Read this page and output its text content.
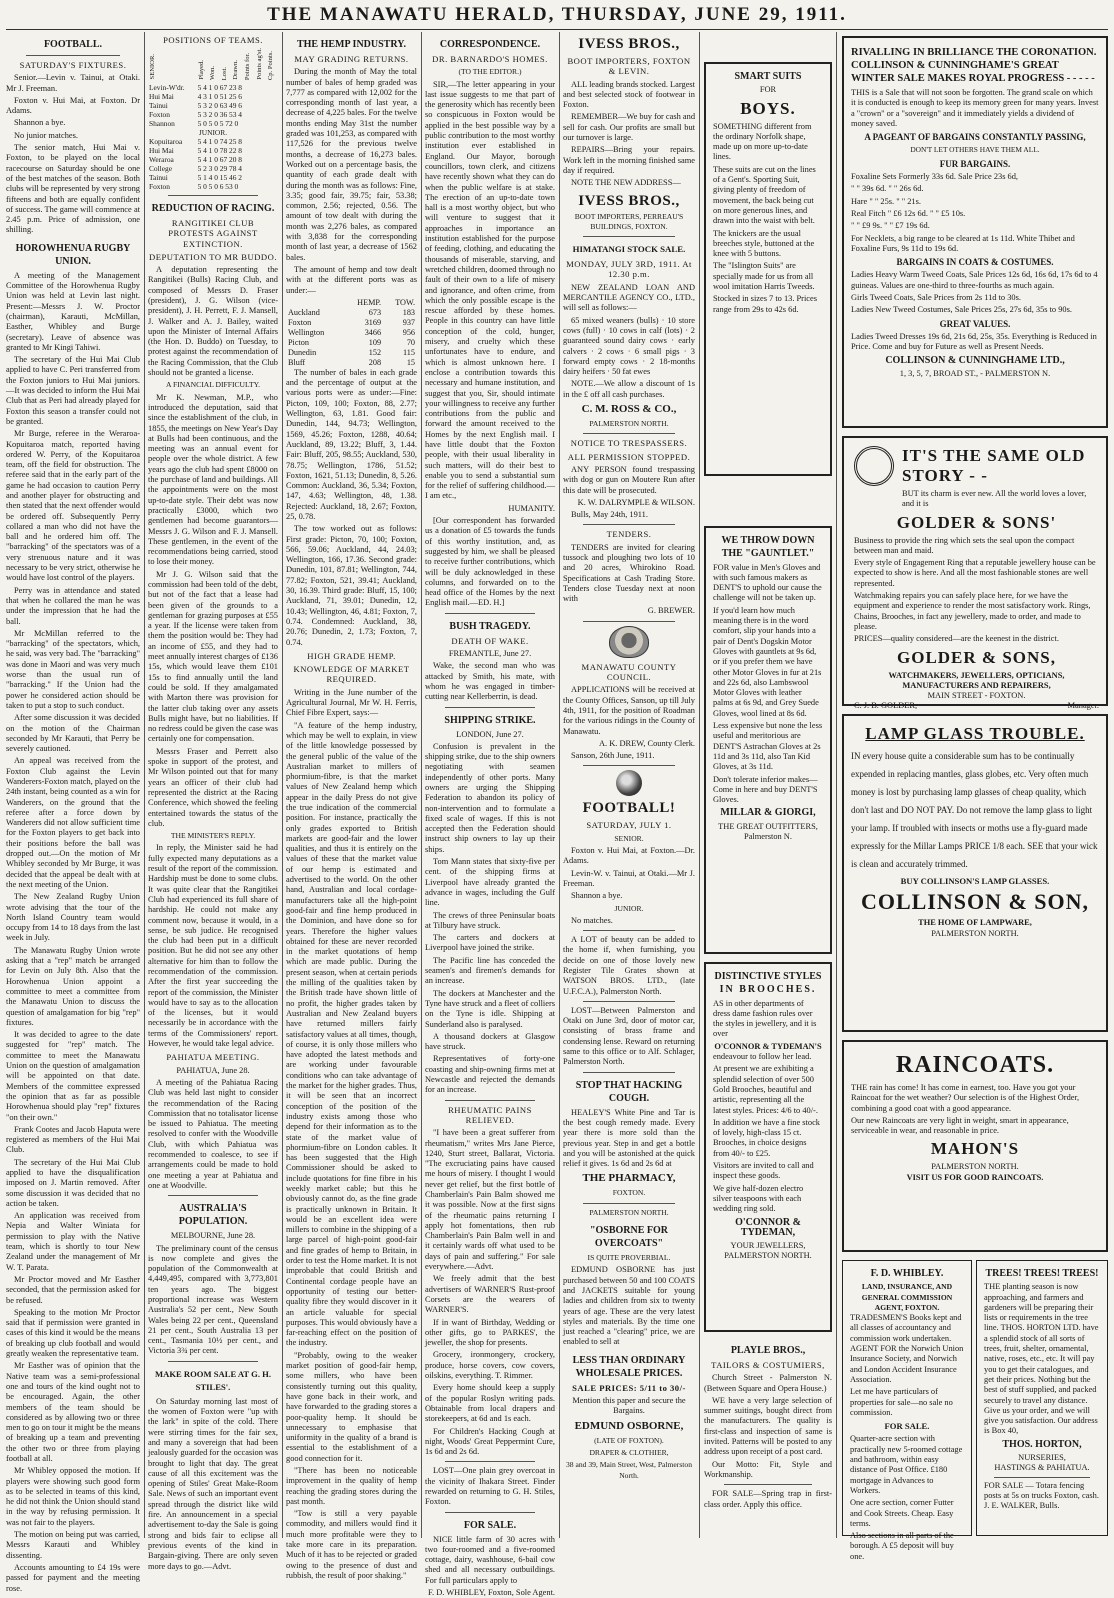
THE MANAWATU HERALD, THURSDAY, JUNE 29, 1911.
FOOTBALL.
SATURDAY'S FIXTURES.

Senior.—Levin v. Tainui, at Otaki. Mr J. Freeman.

Foxton v. Hui Mai, at Foxton. Dr Adams.

Shannon a bye.

No junior matches.

The senior match, Hui Mai v. Foxton, to be played on the local racecourse on Saturday should be one of the best matches of the season. Both clubs will be represented by very strong fifteens and both are equally confident of success. The game will commence at 2.45 p.m. Price of admission, one shilling.

HOROWHENUA RUGBY UNION.

A meeting of the Management Committee of the Horowhenua Rugby Union was held at Levin last night. Present:—Messrs J. W. Proctor (chairman), Karauti, McMillan, Easther, Whibley and Burge (secretary). Leave of absence was granted to Mr Kingi Tahiwi.

The secretary of the Hui Mai Club applied to have C. Peri transferred from the Foxton juniors to Hui Mai juniors.—It was decided to inform the Hui Mai Club that as Peri had already played for Foxton this season a transfer could not be granted.

Mr Burge, referee in the Weraroa-Kopuitaroa match, reported having ordered W. Perry, of the Kopuitaroa team, off the field for obstruction. The referee said that in the early part of the game he had occasion to caution Perry and another player for obstructing and then stated that the next offender would be ordered off. Subsequently Perry collared a man who did not have the ball and he ordered him off. The "barracking" of the spectators was of a very strenuous nature and it was necessary to be very strict, otherwise he would have lost control of the players.

Perry was in attendance and stated that when he collared the man he was under the impression that he had the ball.

Mr McMillan referred to the "barracking" of the spectators, which, he said, was very bad. The "barracking" was done in Maori and was very much worse than the usual run of "barracking." If the Union had the power he considered action should be taken to put a stop to such conduct.

After some discussion it was decided on the motion of the Chairman seconded by Mr Karauti, that Perry be severely cautioned.

An appeal was received from the Foxton Club against the Levin Wanderers-Foxton match, played on the 24th instant, being counted as a win for Wanderers, on the ground that the referee after a force down by Wanderers did not allow sufficient time for the Foxton players to get back into their positions before the ball was dropped out.—On the motion of Mr Whibley seconded by Mr Burge, it was decided that the appeal be dealt with at the next meeting of the Union.

The New Zealand Rugby Union wrote advising that the tour of the North Island Country team would occupy from 14 to 18 days from the last week in July.

The Manawatu Rugby Union wrote asking that a "rep" match be arranged for Levin on July 8th. Also that the Horowhenua Union appoint a committee to meet a committee from the Manawatu Union to discuss the question of amalgamation for big "rep" fixtures.

It was decided to agree to the date suggested for "rep" match. The committee to meet the Manawatu Union on the question of amalgamation will be appointed on that date. Members of the committee expressed the opinion that as far as possible Horowhenua should play "rep" fixtures "on their own."

Frank Cootes and Jacob Haputa were registered as members of the Hui Mai Club.

The secretary of the Hui Mai Club applied to have the disqualification imposed on J. Martin removed. After some discussion it was decided that no action be taken.

An application was received from Nepia and Walter Winiata for permission to play with the Native team, which is shortly to tour New Zealand under the management of Mr W. T. Parata.

Mr Proctor moved and Mr Easther seconded, that the permission asked for be refused.

Speaking to the motion Mr Proctor said that if permission were granted in cases of this kind it would be the means of breaking up club football and would greatly weaken the representative team.

Mr Easther was of opinion that the Native team was a semi-professional one and tours of the kind ought not to be encouraged. Again, the other members of the team should be considered as by allowing two or three men to go on tour it might be the means of breaking up a team and preventing the other two or three from playing football at all.

Mr Whibley opposed the motion. If players were showing such good form as to be selected in teams of this kind, he did not think the Union should stand in the way by refusing permission. It was not fair to the players.

The motion on being put was carried, Messrs Karauti and Whibley dissenting.

Accounts amounting to £4 19s were passed for payment and the meeting rose.

POSITIONS OF TEAMS.
SENIOR.	Played.	Won.	Lost.	Drawn.	Points for.	Points ag'st.	Cp. Points.
Levin-W'dr.	5 4 1 0 67 23 8						
Hui Mai	4 3 1 0 51 25 6						
Tainui	5 3 2 0 63 49 6						
Foxton	5 3 2 0 36 53 4						
Shannon	5 0 5 0 5 72 0						
JUNIOR.							
Kopuitaroa	5 4 1 0 74 25 8						
Hui Mai	5 4 1 0 78 22 8						
Weraroa	5 4 1 0 67 20 8						
College	5 2 3 0 29 78 4						
Tainui	5 1 4 0 15 46 2						
Foxton	5 0 5 0 6 53 0						
REDUCTION OF RACING.
RANGITIKEI CLUB PROTESTS AGAINST EXTINCTION.
DEPUTATION TO MR BUDDO.

A deputation representing the Rangitikei (Bulls) Racing Club, and composed of Messrs D. Fraser (president), J. G. Wilson (vice-president), J. H. Perrett, F. J. Mansell, J. Walker and A. J. Bailey, waited upon the Minister of Internal Affairs (the Hon. D. Buddo) on Tuesday, to protest against the recommendation of the Racing Commission, that the Club should not be granted a license.

A FINANCIAL DIFFICULTY.

Mr K. Newman, M.P., who introduced the deputation, said that since the establishment of the club, in 1855, the meetings on New Year's Day at Bulls had been continuous, and the meeting was an annual event for people over the whole district. A few years ago the club had spent £8000 on the purchase of land and buildings. All the appointments were on the most up-to-date style. Their debt was now practically £3000, which two gentlemen had become guarantors—Messrs J. G. Wilson and F. J. Mansell. These gentlemen, in the event of the recommendations being carried, stood to lose their money.

Mr J. G. Wilson said that the commission had been told of the debt, but not of the fact that a lease had been given of the grounds to a gentleman for grazing purposes at £55 a year. If the license were taken from them the position would be: They had an income of £55, and they had to meet annually interest charges of £136 15s, which would leave them £101 15s to find annually until the land could be sold. If they amalgamated with Marton there was provision for the latter club taking over any assets Bulls might have, but no liabilities. If no redress could be given the case was certainly one for compensation.

Messrs Fraser and Perrett also spoke in support of the protest, and Mr Wilson pointed out that for many years an officer of their club had represented the district at the Racing Conference, which showed the feeling entertained towards the status of the club.

THE MINISTER'S REPLY.

In reply, the Minister said he had fully expected many deputations as a result of the report of the commission. Hardship must be done to some clubs. It was quite clear that the Rangitikei Club had experienced its full share of hardship. He could not make any comment now, because it would, in a sense, be sub judice. He recognised the club had been put in a difficult position. But he did not see any other alternative for him than to follow the recommendation of the commission. After the first year succeeding the report of the commission, the Minister would have to say as to the allocation of the licenses, but it would necessarily be in accordance with the terms of the Commissioners' report. However, he would take legal advice.

PAHIATUA MEETING.

PAHIATUA, June 28.

A meeting of the Pahiatua Racing Club was held last night to consider the recommendation of the Racing Commission that no totalisator license be issued to Pahiatua. The meeting resolved to confer with the Woodville Club, with which Pahiatua was recommended to coalesce, to see if arrangements could be made to hold one meeting a year at Pahiatua and one at Woodville.

AUSTRALIA'S POPULATION.

MELBOURNE, June 28.

The preliminary count of the census is now complete and gives the population of the Commonwealth at 4,449,495, compared with 3,773,801 ten years ago. The biggest proportional increase was Western Australia's 52 per cent., New South Wales being 22 per cent., Queensland 21 per cent., South Australia 13 per cent., Tasmania 10½ per cent., and Victoria 3¾ per cent.

MAKE ROOM SALE AT G. H. STILES'.

On Saturday morning last most of the women of Foxton were "up with the lark" in spite of the cold. There were stirring times for the fair sex, and many a sovereign that had been jealously guarded for the occasion was brought to light that day. The great cause of all this excitement was the opening of Stiles' Great Make-Room Sale. News of such an important event spread through the district like wild fire. An announcement in a special advertisement to-day the Sale is going strong and bids fair to eclipse all previous events of the kind in Bargain-giving. There are only seven more days to go.—Advt.

THE HEMP INDUSTRY.
MAY GRADING RETURNS.

During the month of May the total number of bales of hemp graded was 7,777 as compared with 12,002 for the corresponding month of last year, a decrease of 4,225 bales. For the twelve months ending May 31st the number graded was 101,253, as compared with 117,526 for the previous twelve months, a decrease of 16,273 bales. Worked out on a percentage basis, the quantity of each grade dealt with during the month was as follows: Fine, 3.35; good fair, 39.75; fair, 53.38; common, 2.56; rejected, 0.56. The amount of tow dealt with during the month was 2,276 bales, as compared with 3,838 for the corresponding month of last year, a decrease of 1562 bales.

The amount of hemp and tow dealt with at the different ports was as under:—

	HEMP.	TOW.
Auckland	673	183
Foxton	3169	937
Wellington	3466	956
Picton	109	70
Dunedin	152	115
Bluff	208	15

The number of bales in each grade and the percentage of output at the various ports were as under:—Fine: Picton, 109, 100; Foxton, 88, 2.77; Wellington, 63, 1.81. Good fair: Dunedin, 144, 94.73; Wellington, 1569, 45.26; Foxton, 1288, 40.64; Auckland, 89, 13.22; Bluff, 3, 1.44. Fair: Bluff, 205, 98.55; Auckland, 530, 78.75; Wellington, 1786, 51.52; Foxton, 1621, 51.13; Dunedin, 8, 5.26. Common: Auckland, 36, 5.34; Foxton, 147, 4.63; Wellington, 48, 1.38. Rejected: Auckland, 18, 2.67; Foxton, 25, 0.78.

The tow worked out as follows: First grade: Picton, 70, 100; Foxton, 566, 59.06; Auckland, 44, 24.03; Wellington, 166, 17.36. Second grade: Dunedin, 101, 87.81; Wellington, 744, 77.82; Foxton, 521, 39.41; Auckland, 30, 16.39. Third grade: Bluff, 15, 100; Auckland, 71, 39.01; Dunedin, 12, 10.43; Wellington, 46, 4.81; Foxton, 7, 0.74. Condemned: Auckland, 38, 20.76; Dunedin, 2, 1.73; Foxton, 7, 0.74.

HIGH GRADE HEMP.
KNOWLEDGE OF MARKET REQUIRED.

Writing in the June number of the Agricultural Journal, Mr W. H. Ferris, Chief Fibre Expert, says:—

"A feature of the hemp industry, which may be well to explain, in view of the little knowledge possessed by the general public of the value of the Australian market to millers of phormium-fibre, is that the market values of New Zealand hemp which appear in the daily Press do not give the true indication of the commercial position. For instance, practically the only grades exported to British markets are good-fair and the lower qualities, and thus it is entirely on the values of these that the market value of our hemp is estimated and advertised to the world. On the other hand, Australian and local cordage-manufacturers take all the high-point good-fair and fine hemp produced in the Dominion, and have done so for years. Therefore the higher values obtained for these are never recorded in the market quotations of hemp which are made public. During the present season, when at certain periods the milling of the qualities taken by the British trade have shown little of no profit, the higher grades taken by Australian and New Zealand buyers have returned millers fairly satisfactory values at all times, though, of course, it is only those millers who have adopted the latest methods and are working under favourable conditions who can take advantage of the market for the higher grades. Thus, it will be seen that an incorrect conception of the position of the industry exists among those who depend for their information as to the state of the market value of phormium-fibre on London cables. It has been suggested that the High Commissioner should be asked to include quotations for fine fibre in his weekly market cable; but this he obviously cannot do, as the fine grade is practically unknown in Britain. It would be an excellent idea were millers to combine in the shipping of a large parcel of high-point good-fair and fine grades of hemp to Britain, in order to test the Home market. It is not improbable that could British and Continental cordage people have an opportunity of testing our better-quality fibre they would discover in it an article valuable for special purposes. This would obviously have a far-reaching effect on the position of the industry.

"Probably, owing to the weaker market position of good-fair hemp, some millers, who have been consistently turning out this quality, have gone back in their work, and have forwarded to the grading stores a poor-quality hemp. It should be unnecessary to emphasise that uniformity in the quality of a brand is essential to the establishment of a good connection for it.

"There has been no noticeable improvement in the quality of hemp reaching the grading stores during the past month.

"Tow is still a very payable commodity, and millers would find it much more profitable were they to take more care in its preparation. Much of it has to be rejected or graded owing to the presence of dust and rubbish, the result of poor shaking."

CORRESPONDENCE.
DR. BARNARDO'S HOMES.
(TO THE EDITOR.)

SIR,—The letter appearing in your last issue suggests to me that part of the generosity which has recently been so conspicuous in Foxton would be applied in the best possible way by a public contribution to the most worthy institution ever established in England. Our Mayor, borough councillors, town clerk, and citizens have recently shown what they can do when the public welfare is at stake. The erection of an up-to-date town hall is a most worthy object, but who will venture to suggest that it approaches in importance an institution established for the purpose of feeding, clothing, and educating the thousands of miserable, starving, and wretched children, doomed through no fault of their own to a life of misery and ignorance, and often crime, from which the only possible escape is the rescue afforded by these homes. People in this country can have little conception of the cold, hunger, misery, and cruelty which these unfortunates have to endure, and which is almost unknown here. I enclose a contribution towards this necessary and humane institution, and suggest that you, Sir, should intimate your willingness to receive any further contributions from the public and forward the amount received to the Homes by the next English mail. I have little doubt that the Foxton people, with their usual liberality in such matters, will do their best to enable you to send a substantial sum for the relief of suffering childhood.—I am etc.,

HUMANITY.

[Our correspondent has forwarded us a donation of £5 towards the funds of this worthy institution, and, as suggested by him, we shall be pleased to receive further contributions, which will be duly acknowledged in these columns, and forwarded on to the head office of the Homes by the next English mail.—ED. H.]

BUSH TRAGEDY.
DEATH OF WAKE.

FREMANTLE, June 27.

Wake, the second man who was attacked by Smith, his mate, with whom he was engaged in timber-cutting near Kellerberrin, is dead.

SHIPPING STRIKE.

LONDON, June 27.

Confusion is prevalent in the shipping strike, due to the ship owners negotiating with seamen independently of other ports. Many owners are urging the Shipping Federation to abandon its policy of non-intervention and to formulate a fixed scale of wages. If this is not accepted then the Federation should instruct ship owners to lay up their ships.

Tom Mann states that sixty-five per cent. of the shipping firms at Liverpool have already granted the advance in wages, including the Gulf line.

The crews of three Peninsular boats at Tilbury have struck.

The carters and dockers at Liverpool have joined the strike.

The Pacific line has conceded the seamen's and firemen's demands for an increase.

The dockers at Manchester and the Tyne have struck and a fleet of colliers on the Tyne is idle. Shipping at Sunderland also is paralysed.

A thousand dockers at Glasgow have struck.

Representatives of forty-one coasting and ship-owning firms met at Newcastle and rejected the demands for an increase.

RHEUMATIC PAINS RELIEVED.

"I have been a great sufferer from rheumatism," writes Mrs Jane Pierce, 1240, Sturt street, Ballarat, Victoria. "The excruciating pains have caused me hours of misery. I thought I would never get relief, but the first bottle of Chamberlain's Pain Balm showed me it was possible. Now at the first signs of the rheumatic pains returning I apply hot fomentations, then rub Chamberlain's Pain Balm well in and it certainly wards off what used to be days of pain and suffering." For sale everywhere.—Advt.

We freely admit that the best advertisers of WARNER'S Rust-proof Corsets are the wearers of WARNER'S.

If in want of Birthday, Wedding or other gifts, go to PARKES', the jeweller, the shop for presents.

Grocery, ironmongery, crockery, produce, horse covers, cow covers, oilskins, everything. T. Rimmer.

Every home should keep a supply of the popular Roslyn writing pads. Obtainable from local drapers and storekeepers, at 6d and 1s each.

For Children's Hacking Cough at night, Woods' Great Peppermint Cure, 1s 6d and 2s 6d.

LOST—One plain grey overcoat in the vicinity of Ihakara Street. Finder rewarded on returning to G. H. Stiles, Foxton.

FOR SALE.

NICE little farm of 30 acres with two four-roomed and a five-roomed cottage, dairy, washhouse, 6-bail cow shed and all necessary outbuildings. For full particulars apply to

F. D. WHIBLEY, Foxton, Sole Agent.

IVESS BROS.,
BOOT IMPORTERS, FOXTON & LEVIN.

ALL leading brands stocked. Largest and best selected stock of footwear in Foxton.

REMEMBER—We buy for cash and sell for cash. Our profits are small but our turnover is large.

REPAIRS—Bring your repairs. Work left in the morning finished same day if required.

NOTE THE NEW ADDRESS—

IVESS BROS.,
BOOT IMPORTERS, PERREAU'S BUILDINGS, FOXTON.
HIMATANGI STOCK SALE.
MONDAY, JULY 3RD, 1911. At 12.30 p.m.

NEW ZEALAND LOAN AND MERCANTILE AGENCY CO., LTD., will sell as follows:—

65 mixed weaners (bulls) · 10 store cows (full) · 10 cows in calf (lots) · 2 guaranteed sound dairy cows · early calvers · 2 cows · 6 small pigs · 3 forward empty cows · 2 18-months dairy heifers · 50 fat ewes

NOTE.—We allow a discount of 1s in the £ off all cash purchases.

C. M. ROSS & CO.,
PALMERSTON NORTH.
NOTICE TO TRESPASSERS.
ALL PERMISSION STOPPED.

ANY PERSON found trespassing with dog or gun on Moutere Run after this date will be prosecuted.

K. W. DALRYMPLE & WILSON.

Bulls, May 24th, 1911.

TENDERS.

TENDERS are invited for clearing tussock and ploughing two lots of 10 and 20 acres, Whirokino Road. Specifications at Cash Trading Store. Tenders close Tuesday next at noon with

G. BREWER.

MANAWATU COUNTY COUNCIL.

APPLICATIONS will be received at the County Offices, Sanson, up till July 4th, 1911, for the position of Roadman for the various ridings in the County of Manawatu.

A. K. DREW, County Clerk.

Sanson, 26th June, 1911.

FOOTBALL!
SATURDAY, JULY 1.
SENIOR.

Foxton v. Hui Mai, at Foxton.—Dr. Adams.

Levin-W. v. Tainui, at Otaki.—Mr J. Freeman.

Shannon a bye.

JUNIOR.

No matches.

A LOT of beauty can be added to the home if, when furnishing, you decide on one of those lovely new Register Tile Grates shown at WATSON BROS. LTD., (late U.F.C.A.), Palmerston North.

LOST—Between Palmerston and Otaki on June 3rd, door of motor car, consisting of brass frame and condensing lense. Reward on returning same to this office or to Alf. Schlager, Palmerston North.

STOP THAT HACKING COUGH.

HEALEY'S White Pine and Tar is the best cough remedy made. Every year there is more sold than the previous year. Step in and get a bottle and you will be astonished at the quick relief it gives. 1s 6d and 2s 6d at

THE PHARMACY,
FOXTON.
PALMERSTON NORTH.
"OSBORNE FOR OVERCOATS"
IS QUITE PROVERBIAL.

EDMUND OSBORNE has just purchased between 50 and 100 COATS and JACKETS suitable for young ladies and children from six to twenty years of age. These are the very latest styles and materials. By the time one just reached a "clearing" price, we are enabled to sell at

LESS THAN ORDINARY WHOLESALE PRICES.
SALE PRICES: 5/11 to 30/-

Mention this paper and secure the Bargains.

EDMUND OSBORNE,
(LATE OF FOXTON).
DRAPER & CLOTHIER,
38 and 39, Main Street, West, Palmerston North.
SMART SUITS
FOR
BOYS.

SOMETHING different from the ordinary Norfolk shape, made up on more up-to-date lines.

These suits are cut on the lines of a Gent's. Sporting Suit, giving plenty of freedom of movement, the back being cut on more generous lines, and drawn into the waist with belt.

The knickers are the usual breeches style, buttoned at the knee with 5 buttons.

The "Islington Suits" are specially made for us from all wool imitation Harris Tweeds.

Stocked in sizes 7 to 13. Prices range from 29s to 42s 6d.

WE THROW DOWN
THE "GAUNTLET."

FOR value in Men's Gloves and with such famous makers as DENT'S to uphold our cause the challenge will not be taken up.

If you'd learn how much meaning there is in the word comfort, slip your hands into a pair of Dent's Dogskin Motor Gloves with gauntlets at 9s 6d, or if you prefer them we have other Motor Gloves in fur at 21s and 22s 6d, also Lambswool Motor Gloves with leather palms at 6s 9d, and Grey Suede Gloves, wool lined at 8s 6d.

Less expensive but none the less useful and meritorious are DENT'S Astrachan Gloves at 2s 11d and 3s 11d, also Tan Kid Gloves, at 3s 11d.

Don't tolerate inferior makes—Come in here and buy DENT'S Gloves.

MILLAR & GIORGI,
THE GREAT OUTFITTERS,
Palmerston N.
DISTINCTIVE STYLES
IN BROOCHES.

AS in other departments of dress dame fashion rules over the styles in jewellery, and it is over

O'CONNOR & TYDEMAN'S

endeavour to follow her lead.

At present we are exhibiting a splendid selection of over 500 Gold Brooches, beautiful and artistic, representing all the latest styles. Prices: 4/6 to 40/-.

In addition we have a fine stock of lovely, high-class 15 ct. Brooches, in choice designs from 40/- to £25.

Visitors are invited to call and inspect these goods.

We give half-dozen electro silver teaspoons with each wedding ring sold.

O'CONNOR & TYDEMAN,
YOUR JEWELLERS,
PALMERSTON NORTH.
PLAYLE BROS.,
TAILORS & COSTUMIERS,

Church Street - Palmerston N. (Between Square and Opera House.)

WE have a very large selection of summer suitings, bought direct from the manufacturers. The quality is first-class and inspection of same is invited. Patterns will be posted to any address upon receipt of a post card.

Our Motto: Fit, Style and Workmanship.

FOR SALE—Spring trap in first-class order. Apply this office.

RIVALLING IN BRILLIANCE THE CORONATION. COLLINSON & CUNNINGHAME'S GREAT WINTER SALE MAKES ROYAL PROGRESS - - - - -

THIS is a Sale that will not soon be forgotten. The grand scale on which it is conducted is enough to keep its memory green for many years. Invest a "crown" or a "sovereign" and it immediately yields a dividend of money saved.

A PAGEANT OF BARGAINS CONSTANTLY PASSING,
DON'T LET OTHERS HAVE THEM ALL.
FUR BARGAINS.

Foxaline Sets Formerly 33s 6d. Sale Price 23s 6d,

" " 39s 6d. " " 26s 6d.

Hare " " 25s. " " 21s.

Real Fitch " £6 12s 6d. " " £5 10s.

" " £9 9s. " " £7 19s 6d.

For Necklets, a big range to be cleared at 1s 11d. White Thibet and Foxaline Furs, 9s 11d to 19s 6d.

BARGAINS IN COATS & COSTUMES.

Ladies Heavy Warm Tweed Coats, Sale Prices 12s 6d, 16s 6d, 17s 6d to 4 guineas. Values are one-third to three-fourths as much again.

Girls Tweed Coats, Sale Prices from 2s 11d to 30s.

Ladies New Tweed Costumes, Sale Prices 25s, 27s 6d, 35s to 90s.

GREAT VALUES.

Ladies Tweed Dresses 19s 6d, 21s 6d, 25s, 35s. Everything is Reduced in Price. Come and buy for Future as well as Present Needs.

COLLINSON & CUNNINGHAME LTD.,
1, 3, 5, 7, BROAD ST., - PALMERSTON N.
IT'S THE SAME OLD STORY - -

BUT its charm is ever new. All the world loves a lover, and it is

GOLDER & SONS'

Business to provide the ring which sets the seal upon the compact between man and maid.

Every style of Engagement Ring that a reputable jewellery house can be expected to show is here. And all the most fashionable stones are well represented.

Watchmaking repairs you can safely place here, for we have the equipment and experience to render the most satisfactory work. Rings, Chains, Brooches, in fact any jewellery, made to order, and made to please.

PRICES—quality considered—are the keenest in the district.

GOLDER & SONS,
WATCHMAKERS, JEWELLERS, OPTICIANS, MANUFACTURERS AND REPAIRERS,
MAIN STREET - FOXTON.
C. J. B. GOLDER,	Manager.
LAMP GLASS TROUBLE.

IN every house quite a considerable sum has to be continually expended in replacing mantles, glass globes, etc. Very often much money is lost by purchasing lamp glasses of cheap quality, which don't last and DO NOT PAY. Do not remove the lamp glass to light your lamp. If troubled with insects or moths use a fly-guard made expressly for the Millar Lamps PRICE 1/8 each. SEE that your wick is clean and accurately trimmed.

BUY COLLINSON'S LAMP GLASSES.
COLLINSON & SON,
THE HOME OF LAMPWARE,
PALMERSTON NORTH.
RAINCOATS.

THE rain has come! It has come in earnest, too. Have you got your Raincoat for the wet weather? Our selection is of the Highest Order, combining a good coat with a good appearance.

Our new Raincoats are very light in weight, smart in appearance, serviceable in wear, and reasonable in price.

MAHON'S
PALMERSTON NORTH.
VISIT US FOR GOOD RAINCOATS.
F. D. WHIBLEY.
LAND, INSURANCE, AND GENERAL COMMISSION AGENT, FOXTON.

TRADESMEN'S Books kept and all classes of accountancy and commission work undertaken. AGENT FOR the Norwich Union Insurance Society, and Norwich and London Accident Insurance Association.

Let me have particulars of properties for sale—no sale no commission.

FOR SALE.

Quarter-acre section with practically new 5-roomed cottage and bathroom, within easy distance of Post Office. £180 mortgage in Advances to Workers.

One acre section, corner Futter and Cook Streets. Cheap. Easy terms.

Also sections in all parts of the borough. A £5 deposit will buy one.

TREES! TREES! TREES!

THE planting season is now approaching, and farmers and gardeners will be preparing their lists or requirements in the tree line. THOS. HORTON LTD. have a splendid stock of all sorts of trees, fruit, shelter, ornamental, native, roses, etc., etc. It will pay you to get their catalogues, and get their prices. Nothing but the best of stuff supplied, and packed securely to travel any distance. Give us your order, and we will give you satisfaction. Our address is Box 40,

THOS. HORTON,
NURSERIES,
HASTINGS & PAHIATUA.

FOR SALE — Totara fencing posts at 5s on trucks Foxton, cash. J. E. WALKER, Bulls.
